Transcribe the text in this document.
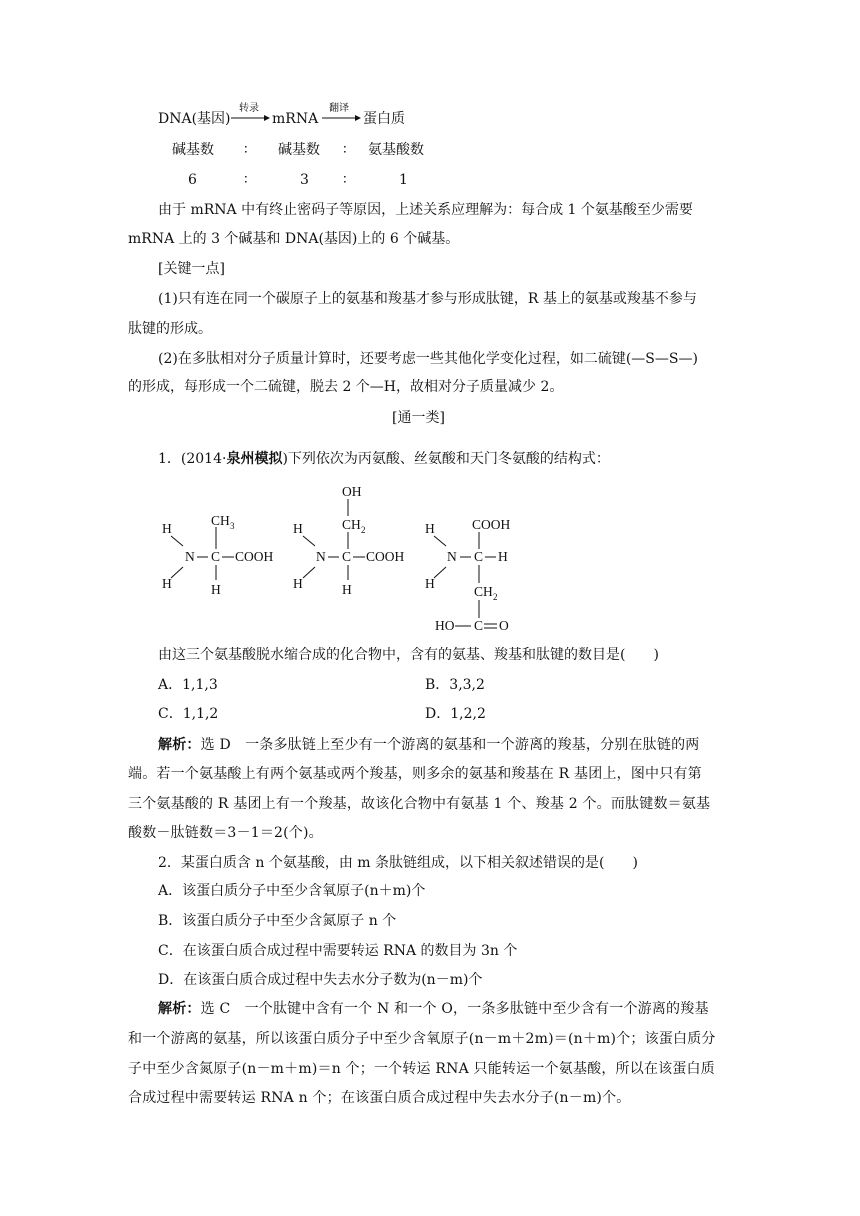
DNA(基因)
转录
mRNA
翻译
蛋白质
碱基数 ∶ 碱基数 ∶ 氨基酸数
6	∶	3 ∶	1
由于 mRNA 中有终止密码子等原因，上述关系应理解为：每合成 1 个氨基酸至少需要
mRNA 上的 3 个碱基和 DNA(基因)上的 6 个碱基。
[关键一点]
(1)只有连在同一个碳原子上的氨基和羧基才参与形成肽键，R 基上的氨基或羧基不参与
肽键的形成。
(2)在多肽相对分子质量计算时，还要考虑一些其他化学变化过程，如二硫键(—S—S—)
的形成，每形成一个二硫键，脱去 2 个—H，故相对分子质量减少 2。
[通一类]
1．(2014·泉州模拟)下列依次为丙氨酸、丝氨酸和天门冬氨酸的结构式：
H
N
H
C
CH 3
COOH
H
H
N
H
C
OH
CH 2
COOH
H
H
N
H
C
COOH
H
CH 2
HO C O
由这三个氨基酸脱水缩合成的化合物中，含有的氨基、羧基和肽键的数目是(　　)
A．1,1,3	B．3,3,2
C．1,1,2	D．1,2,2
解析：选 D　一条多肽链上至少有一个游离的氨基和一个游离的羧基，分别在肽链的两
端。若一个氨基酸上有两个氨基或两个羧基，则多余的氨基和羧基在 R 基团上，图中只有第
三个氨基酸的 R 基团上有一个羧基，故该化合物中有氨基 1 个、羧基 2 个。而肽键数＝氨基
酸数－肽链数＝3－1＝2(个)。
2．某蛋白质含 n 个氨基酸，由 m 条肽链组成，以下相关叙述错误的是(　　)
A．该蛋白质分子中至少含氧原子(n＋m)个
B．该蛋白质分子中至少含氮原子 n 个
C．在该蛋白质合成过程中需要转运 RNA 的数目为 3n 个
D．在该蛋白质合成过程中失去水分子数为(n－m)个
解析：选 C　一个肽键中含有一个 N 和一个 O，一条多肽链中至少含有一个游离的羧基
和一个游离的氨基，所以该蛋白质分子中至少含氧原子(n－m＋2m)＝(n＋m)个；该蛋白质分
子中至少含氮原子(n－m＋m)＝n 个；一个转运 RNA 只能转运一个氨基酸，所以在该蛋白质
合成过程中需要转运 RNA n 个；在该蛋白质合成过程中失去水分子(n－m)个。
